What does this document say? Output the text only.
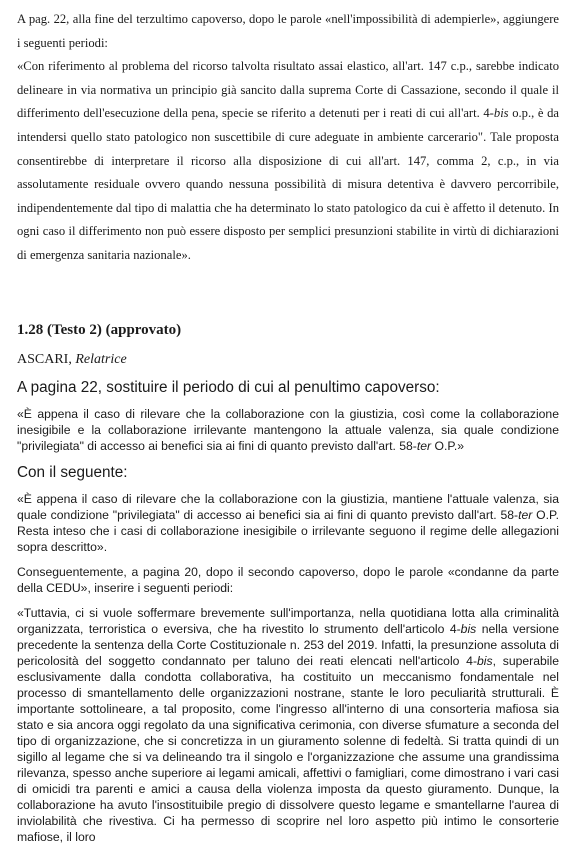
A pag. 22, alla fine del terzultimo capoverso, dopo le parole «nell'impossibilità di adempierle», aggiungere i seguenti periodi:

«Con riferimento al problema del ricorso talvolta risultato assai elastico, all'art. 147 c.p., sarebbe indicato delineare in via normativa un principio già sancito dalla suprema Corte di Cassazione, secondo il quale il differimento dell'esecuzione della pena, specie se riferito a detenuti per i reati di cui all'art. 4-bis o.p., è da intendersi quello stato patologico non suscettibile di cure adeguate in ambiente carcerario". Tale proposta consentirebbe di interpretare il ricorso alla disposizione di cui all'art. 147, comma 2, c.p., in via assolutamente residuale ovvero quando nessuna possibilità di misura detentiva è davvero percorribile, indipendentemente dal tipo di malattia che ha determinato lo stato patologico da cui è affetto il detenuto. In ogni caso il differimento non può essere disposto per semplici presunzioni stabilite in virtù di dichiarazioni di emergenza sanitaria nazionale».

1.28 (Testo 2) (approvato)

ASCARI, Relatrice

A pagina 22, sostituire il periodo di cui al penultimo capoverso:

«È appena il caso di rilevare che la collaborazione con la giustizia, così come la collaborazione inesigibile e la collaborazione irrilevante mantengono la attuale valenza, sia quale condizione "privilegiata" di accesso ai benefici sia ai fini di quanto previsto dall'art. 58-ter O.P.»

Con il seguente:

«È appena il caso di rilevare che la collaborazione con la giustizia, mantiene l'attuale valenza, sia quale condizione "privilegiata" di accesso ai benefici sia ai fini di quanto previsto dall'art. 58-ter O.P. Resta inteso che i casi di collaborazione inesigibile o irrilevante seguono il regime delle allegazioni sopra descritto».

Conseguentemente, a pagina 20, dopo il secondo capoverso, dopo le parole «condanne da parte della CEDU», inserire i seguenti periodi:

«Tuttavia, ci si vuole soffermare brevemente sull'importanza, nella quotidiana lotta alla criminalità organizzata, terroristica o eversiva, che ha rivestito lo strumento dell'articolo 4-bis nella versione precedente la sentenza della Corte Costituzionale n. 253 del 2019. Infatti, la presunzione assoluta di pericolosità del soggetto condannato per taluno dei reati elencati nell'articolo 4-bis, superabile esclusivamente dalla condotta collaborativa, ha costituito un meccanismo fondamentale nel processo di smantellamento delle organizzazioni nostrane, stante le loro peculiarità strutturali. È importante sottolineare, a tal proposito, come l'ingresso all'interno di una consorteria mafiosa sia stato e sia ancora oggi regolato da una significativa cerimonia, con diverse sfumature a seconda del tipo di organizzazione, che si concretizza in un giuramento solenne di fedeltà. Si tratta quindi di un sigillo al legame che si va delineando tra il singolo e l'organizzazione che assume una grandissima rilevanza, spesso anche superiore ai legami amicali, affettivi o famigliari, come dimostrano i vari casi di omicidi tra parenti e amici a causa della violenza imposta da questo giuramento. Dunque, la collaborazione ha avuto l'insostituibile pregio di dissolvere questo legame e smantellarne l'aurea di inviolabilità che rivestiva. Ci ha permesso di scoprire nel loro aspetto più intimo le consorterie mafiose, il loro
